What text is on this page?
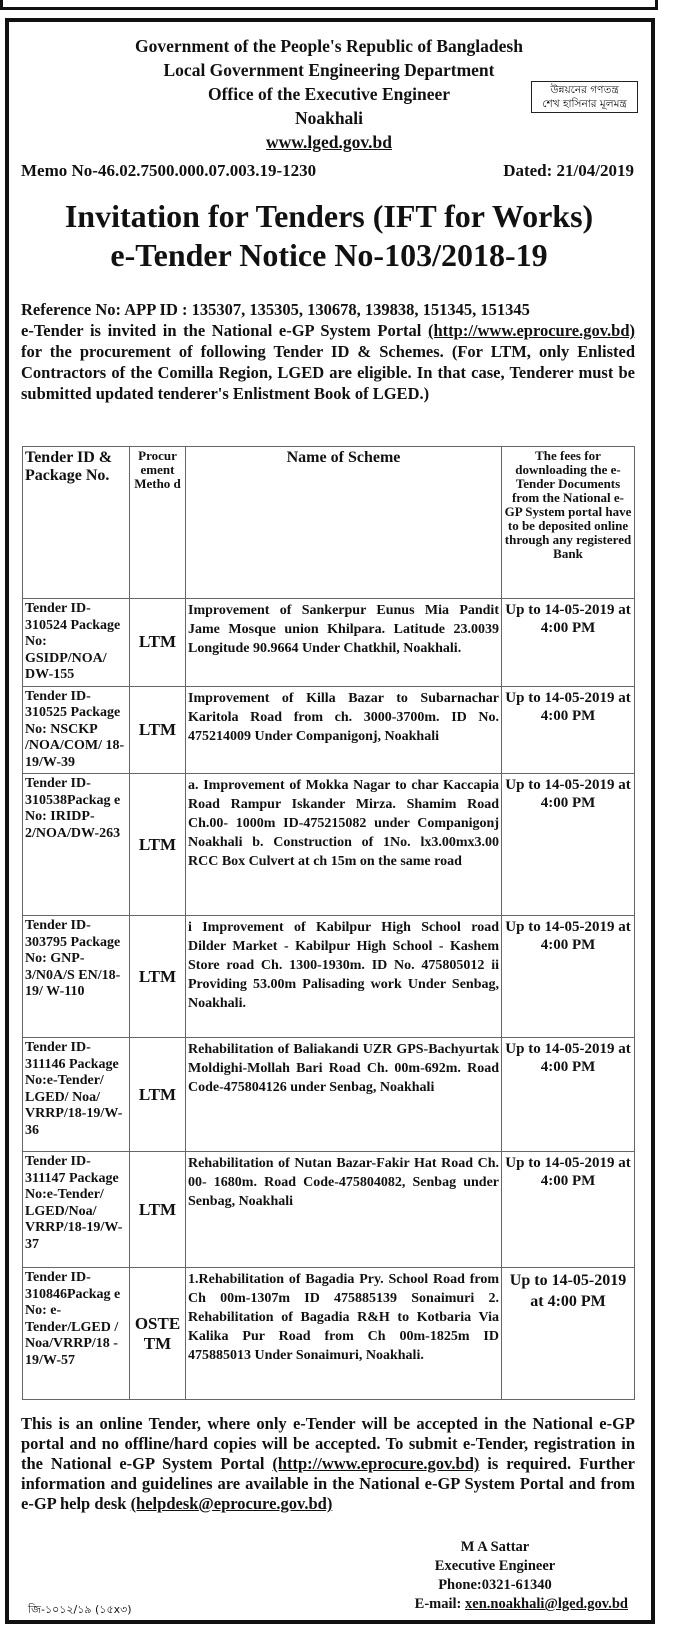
Government of the People's Republic of Bangladesh
Local Government Engineering Department
Office of the Executive Engineer
Noakhali
www.lged.gov.bd
উন্নয়নের গণতন্ত্র
শেখ হাসিনার মূলমন্ত্র
Memo No-46.02.7500.000.07.003.19-1230	Dated: 21/04/2019
Invitation for Tenders (IFT for Works)
e-Tender Notice No-103/2018-19

Reference No: APP ID : 135307, 135305, 130678, 139838, 151345, 151345

e-Tender is invited in the National e-GP System Portal (http://www.eprocure.gov.bd) for the procurement of following Tender ID & Schemes. (For LTM, only Enlisted Contractors of the Comilla Region, LGED are eligible. In that case, Tenderer must be submitted updated tenderer's Enlistment Book of LGED.)

Tender ID & Package No.	Procur ement Metho d	Name of Scheme	The fees for downloading the e-Tender Documents from the National e-GP System portal have to be deposited online through any registered Bank
Tender ID-310524 Package No: GSIDP/NOA/ DW-155	LTM	Improvement of Sankerpur Eunus Mia Pandit Jame Mosque union Khilpara. Latitude 23.0039 Longitude 90.9664 Under Chatkhil, Noakhali.	Up to 14-05-2019 at 4:00 PM
Tender ID-310525 Package No: NSCKP /NOA/COM/ 18- 19/W-39	LTM	Improvement of Killa Bazar to Subarnachar Karitola Road from ch. 3000-3700m. ID No. 475214009 Under Companigonj, Noakhali	Up to 14-05-2019 at 4:00 PM
Tender ID-310538Packag e No: IRIDP-2/NOA/DW-263	LTM	a. Improvement of Mokka Nagar to char Kaccapia Road Rampur Iskander Mirza. Shamim Road Ch.00- 1000m ID-475215082 under Companigonj Noakhali b. Construction of 1No. lx3.00mx3.00 RCC Box Culvert at ch 15m on the same road	Up to 14-05-2019 at 4:00 PM
Tender ID-303795 Package No: GNP-3/N0A/S EN/18- 19/ W-110	LTM	i Improvement of Kabilpur High School road Dilder Market - Kabilpur High School - Kashem Store road Ch. 1300-1930m. ID No. 475805012 ii Providing 53.00m Palisading work Under Senbag, Noakhali.	Up to 14-05-2019 at 4:00 PM
Tender ID-311146 Package No:e-Tender/ LGED/ Noa/ VRRP/18-19/W-36	LTM	Rehabilitation of Baliakandi UZR GPS-Bachyurtak Moldighi-Mollah Bari Road Ch. 00m-692m. Road Code-475804126 under Senbag, Noakhali	Up to 14-05-2019 at 4:00 PM
Tender ID-311147 Package No:e-Tender/ LGED/Noa/ VRRP/18-19/W-37	LTM	Rehabilitation of Nutan Bazar-Fakir Hat Road Ch. 00- 1680m. Road Code-475804082, Senbag under Senbag, Noakhali	Up to 14-05-2019 at 4:00 PM
Tender ID-310846Packag e No: e-Tender/LGED / Noa/VRRP/18 - 19/W-57	OSTE TM	1.Rehabilitation of Bagadia Pry. School Road from Ch 00m-1307m ID 475885139 Sonaimuri 2. Rehabilitation of Bagadia R&H to Kotbaria Via Kalika Pur Road from Ch 00m-1825m ID 475885013 Under Sonaimuri, Noakhali.	Up to 14-05-2019 at 4:00 PM

This is an online Tender, where only e-Tender will be accepted in the National e-GP portal and no offline/hard copies will be accepted. To submit e-Tender, registration in the National e-GP System Portal (http://www.eprocure.gov.bd) is required. Further information and guidelines are available in the National e-GP System Portal and from e-GP help desk (helpdesk@eprocure.gov.bd)

M A Sattar
Executive Engineer
Phone:0321-61340
E-mail: xen.noakhali@lged.gov.bd
জি-১০১২/১৯ (১৫x৩)
